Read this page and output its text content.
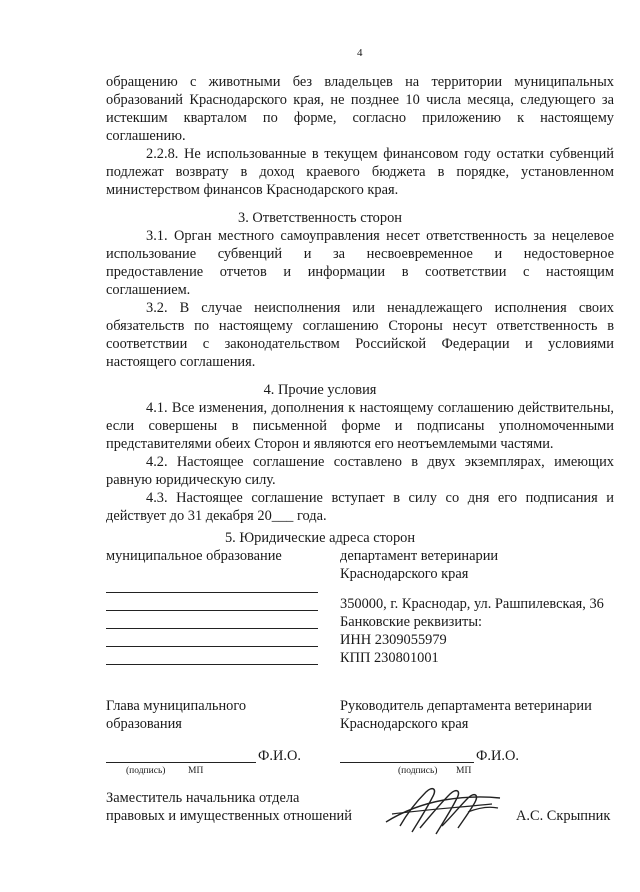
4
обращению с животными без владельцев на территории муниципальных
образований Краснодарского края, не позднее 10 числа месяца, следующего за
истекшим кварталом по форме, согласно приложению к настоящему
соглашению.
2.2.8. Не использованные в текущем финансовом году остатки субвенций
подлежат возврату в доход краевого бюджета в порядке, установленном
министерством финансов Краснодарского края.
3. Ответственность сторон
3.1. Орган местного самоуправления несет ответственность за нецелевое
использование субвенций и за несвоевременное и недостоверное
предоставление отчетов и информации в соответствии с настоящим
соглашением.
3.2. В случае неисполнения или ненадлежащего исполнения своих
обязательств по настоящему соглашению Стороны несут ответственность в
соответствии с законодательством Российской Федерации и условиями
настоящего соглашения.
4. Прочие условия
4.1. Все изменения, дополнения к настоящему соглашению действительны,
если совершены в письменной форме и подписаны уполномоченными
представителями обеих Сторон и являются его неотъемлемыми частями.
4.2. Настоящее соглашение составлено в двух экземплярах, имеющих
равную юридическую силу.
4.3. Настоящее соглашение вступает в силу со дня его подписания и
действует до 31 декабря 20___ года.
5. Юридические адреса сторон
муниципальное образование	департамент ветеринарии
Краснодарского края
350000, г. Краснодар, ул. Рашпилевская, 36
Банковские реквизиты:
ИНН 2309055979
КПП 230801001
Глава муниципального
образования
Руководитель департамента ветеринарии
Краснодарского края
Ф.И.О.
(подпись) МП
Ф.И.О.
(подпись) МП
Заместитель начальника отдела
правовых и имущественных отношений	А.С. Скрыпник
